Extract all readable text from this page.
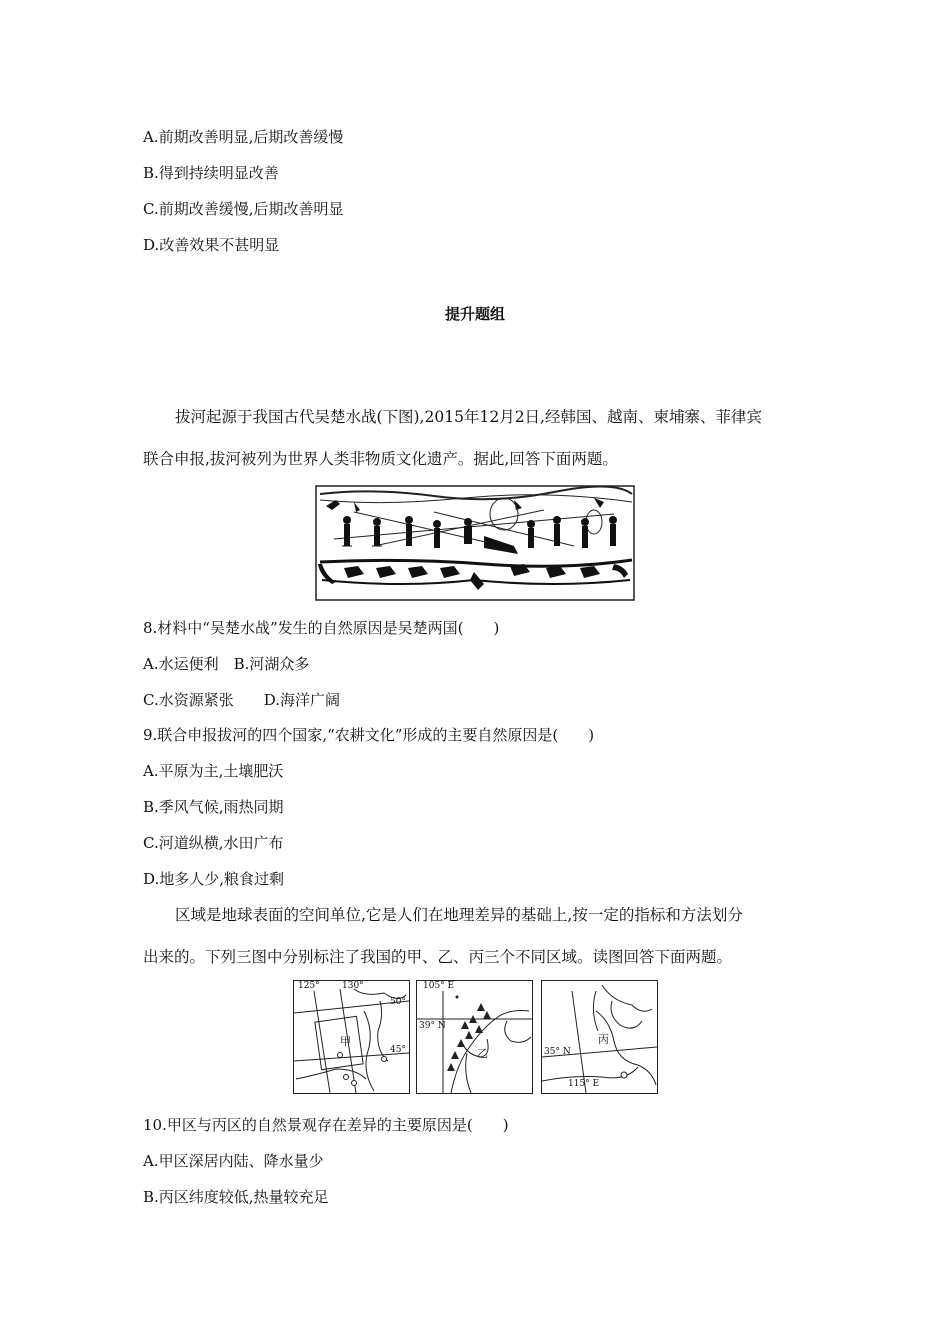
A.前期改善明显,后期改善缓慢
B.得到持续明显改善
C.前期改善缓慢,后期改善明显
D.改善效果不甚明显
提升题组
拔河起源于我国古代吴楚水战(下图),2015年12月2日,经韩国、越南、柬埔寨、菲律宾
联合申报,拔河被列为世界人类非物质文化遗产。据此,回答下面两题。
8.材料中“吴楚水战”发生的自然原因是吴楚两国(　　)
A.水运便利　B.河湖众多
C.水资源紧张　　D.海洋广阔
9.联合申报拔河的四个国家,“农耕文化”形成的主要自然原因是(　　)
A.平原为主,土壤肥沃
B.季风气候,雨热同期
C.河道纵横,水田广布
D.地多人少,粮食过剩
区域是地球表面的空间单位,它是人们在地理差异的基础上,按一定的指标和方法划分
出来的。下列三图中分别标注了我国的甲、乙、丙三个不同区域。读图回答下面两题。
125° 130°
50°
45°
甲
105° E
39° N
乙	35° N
115° E
丙
10.甲区与丙区的自然景观存在差异的主要原因是(　　)
A.甲区深居内陆、降水量少
B.丙区纬度较低,热量较充足
